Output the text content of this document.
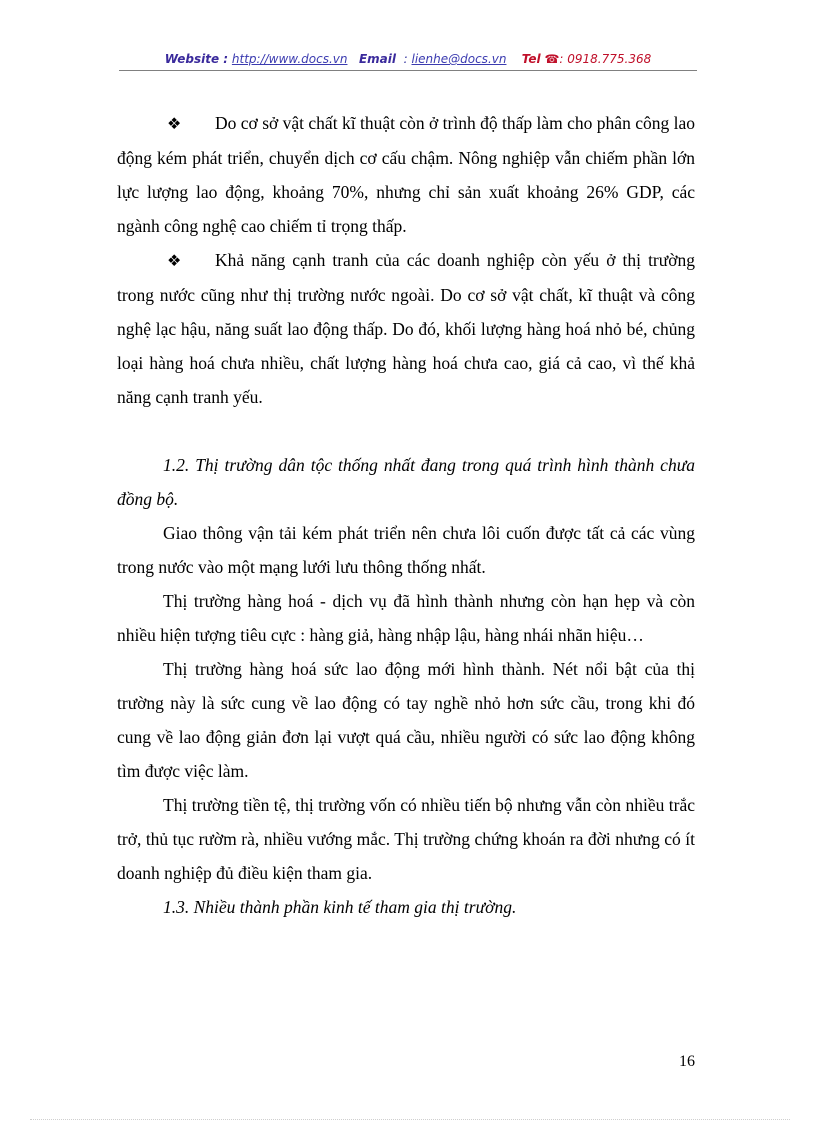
Website : http://www.docs.vn Email : lienhe@docs.vn Tel ☎: 0918.775.368

❖ Do cơ sở vật chất kĩ thuật còn ở trình độ thấp làm cho phân công lao động kém phát triển, chuyển dịch cơ cấu chậm. Nông nghiệp vẫn chiếm phần lớn lực lượng lao động, khoảng 70%, nhưng chỉ sản xuất khoảng 26% GDP, các ngành công nghệ cao chiếm tỉ trọng thấp.

❖ Khả năng cạnh tranh của các doanh nghiệp còn yếu ở thị trường trong nước cũng như thị trường nước ngoài. Do cơ sở vật chất, kĩ thuật và công nghệ lạc hậu, năng suất lao động thấp. Do đó, khối lượng hàng hoá nhỏ bé, chủng loại hàng hoá chưa nhiều, chất lượng hàng hoá chưa cao, giá cả cao, vì thế khả năng cạnh tranh yếu.

1.2. Thị trường dân tộc thống nhất đang trong quá trình hình thành chưa đồng bộ.

Giao thông vận tải kém phát triển nên chưa lôi cuốn được tất cả các vùng trong nước vào một mạng lưới lưu thông thống nhất.

Thị trường hàng hoá - dịch vụ đã hình thành nhưng còn hạn hẹp và còn nhiều hiện tượng tiêu cực : hàng giả, hàng nhập lậu, hàng nhái nhãn hiệu…

Thị trường hàng hoá sức lao động mới hình thành. Nét nổi bật của thị trường này là sức cung về lao động có tay nghề nhỏ hơn sức cầu, trong khi đó cung về lao động giản đơn lại vượt quá cầu, nhiều người có sức lao động không tìm được việc làm.

Thị trường tiền tệ, thị trường vốn có nhiều tiến bộ nhưng vẫn còn nhiều trắc trở, thủ tục rườm rà, nhiều vướng mắc. Thị trường chứng khoán ra đời nhưng có ít doanh nghiệp đủ điều kiện tham gia.

1.3. Nhiều thành phần kinh tế tham gia thị trường.

16
